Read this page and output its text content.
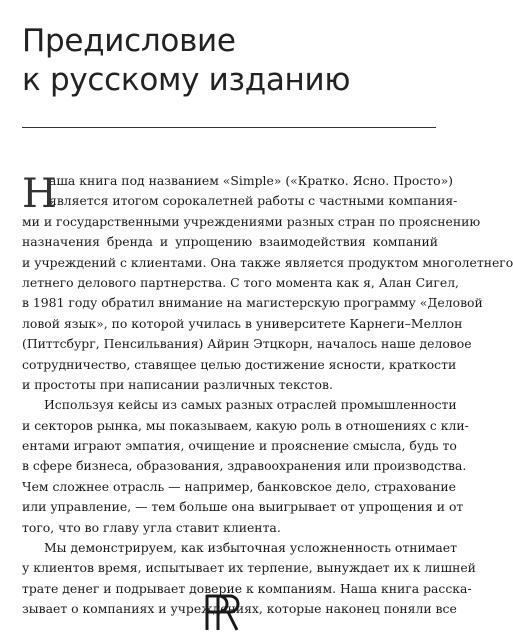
Предисловие
к русскому изданию

Н
аша книга под названием «Simple» («Кратко. Ясно. Просто»)
является итогом сорокалетней работы с частными компания-
ми и государственными учреждениями разных стран по прояснению
назначения бренда и упрощению взаимодействия компаний
и учреждений с клиентами. Она также является продуктом многолетнего
летнего делового партнерства. С того момента как я, Алан Сигел,
в 1981 году обратил внимание на магистерскую программу «Деловой
ловой язык», по которой училась в университете Карнеги–Меллон
(Питтсбург, Пенсильвания) Айрин Этцкорн, началось наше деловое
сотрудничество, ставящее целью достижение ясности, краткости
и простоты при написании различных текстов.

Используя кейсы из самых разных отраслей промышленности
и секторов рынка, мы показываем, какую роль в отношениях с кли-
ентами играют эмпатия, очищение и прояснение смысла, будь то
в сфере бизнеса, образования, здравоохранения или производства.
Чем сложнее отрасль — например, банковское дело, страхование
или управление, — тем больше она выигрывает от упрощения и от
того, что во главу угла ставит клиента.

Мы демонстрируем, как избыточная усложненность отнимает
у клиентов время, испытывает их терпение, вынуждает их к лишней
трате денег и подрывает доверие к компаниям. Наша книга расска-
зывает о компаниях и учреждениях, которые наконец поняли все
